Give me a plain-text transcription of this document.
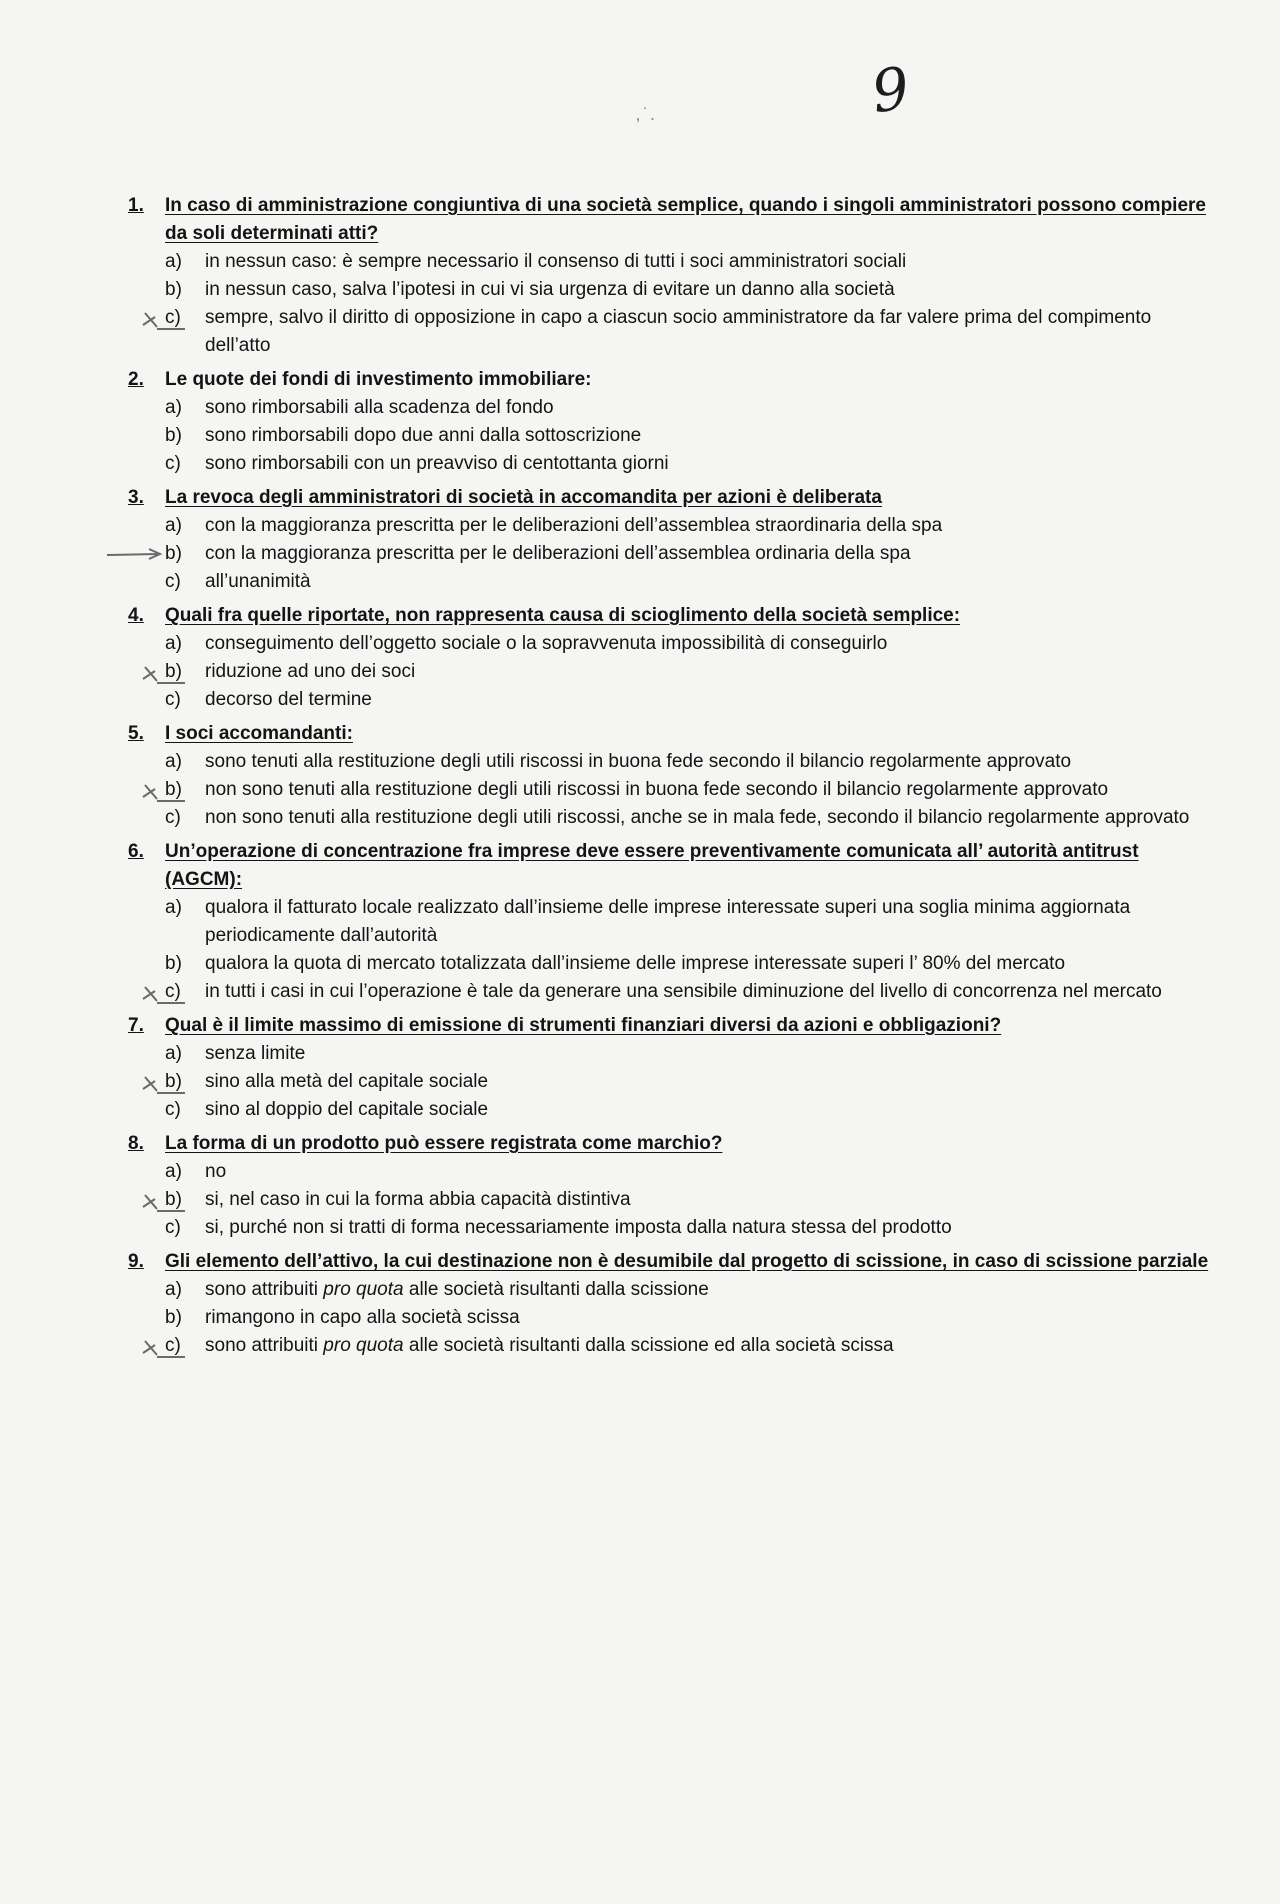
9
‚ ̇ .
1.	In caso di amministrazione congiuntiva di una società semplice, quando i singoli amministratori possono compiere da soli determinati atti?
a)	in nessun caso: è sempre necessario il consenso di tutti i soci amministratori sociali
b)	in nessun caso, salva l’ipotesi in cui vi sia urgenza di evitare un danno alla società
c)	sempre, salvo il diritto di opposizione in capo a ciascun socio amministratore da far valere prima del compimento dell’atto
2.	Le quote dei fondi di investimento immobiliare:
a)	sono rimborsabili alla scadenza del fondo
b)	sono rimborsabili dopo due anni dalla sottoscrizione
c)	sono rimborsabili con un preavviso di centottanta giorni
3.	La revoca degli amministratori di società in accomandita per azioni è deliberata
a)	con la maggioranza prescritta per le deliberazioni dell’assemblea straordinaria della spa
b)	con la maggioranza prescritta per le deliberazioni dell’assemblea ordinaria della spa
c)	all’unanimità
4.	Quali fra quelle riportate, non rappresenta causa di scioglimento della società semplice:
a)	conseguimento dell’oggetto sociale o la sopravvenuta impossibilità di conseguirlo
b)	riduzione ad uno dei soci
c)	decorso del termine
5.	I soci accomandanti:
a)	sono tenuti alla restituzione degli utili riscossi in buona fede secondo il bilancio regolarmente approvato
b)	non sono tenuti alla restituzione degli utili riscossi in buona fede secondo il bilancio regolarmente approvato
c)	non sono tenuti alla restituzione degli utili riscossi, anche se in mala fede, secondo il bilancio regolarmente approvato
6.	Un’operazione di concentrazione fra imprese deve essere preventivamente comunicata all’ autorità antitrust (AGCM):
a)	qualora il fatturato locale realizzato dall’insieme delle imprese interessate superi una soglia minima aggiornata periodicamente dall’autorità
b)	qualora la quota di mercato totalizzata dall’insieme delle imprese interessate superi l’ 80% del mercato
c)	in tutti i casi in cui l’operazione è tale da generare una sensibile diminuzione del livello di concorrenza nel mercato
7.	Qual è il limite massimo di emissione di strumenti finanziari diversi da azioni e obbligazioni?
a)	senza limite
b)	sino alla metà del capitale sociale
c)	sino al doppio del capitale sociale
8.	La forma di un prodotto può essere registrata come marchio?
a)	no
b)	si, nel caso in cui la forma abbia capacità distintiva
c)	si, purché non si tratti di forma necessariamente imposta dalla natura stessa del prodotto
9.	Gli elemento dell’attivo, la cui destinazione non è desumibile dal progetto di scissione, in caso di scissione parziale
a)	sono attribuiti pro quota alle società risultanti dalla scissione
b)	rimangono in capo alla società scissa
c)	sono attribuiti pro quota alle società risultanti dalla scissione ed alla società scissa
